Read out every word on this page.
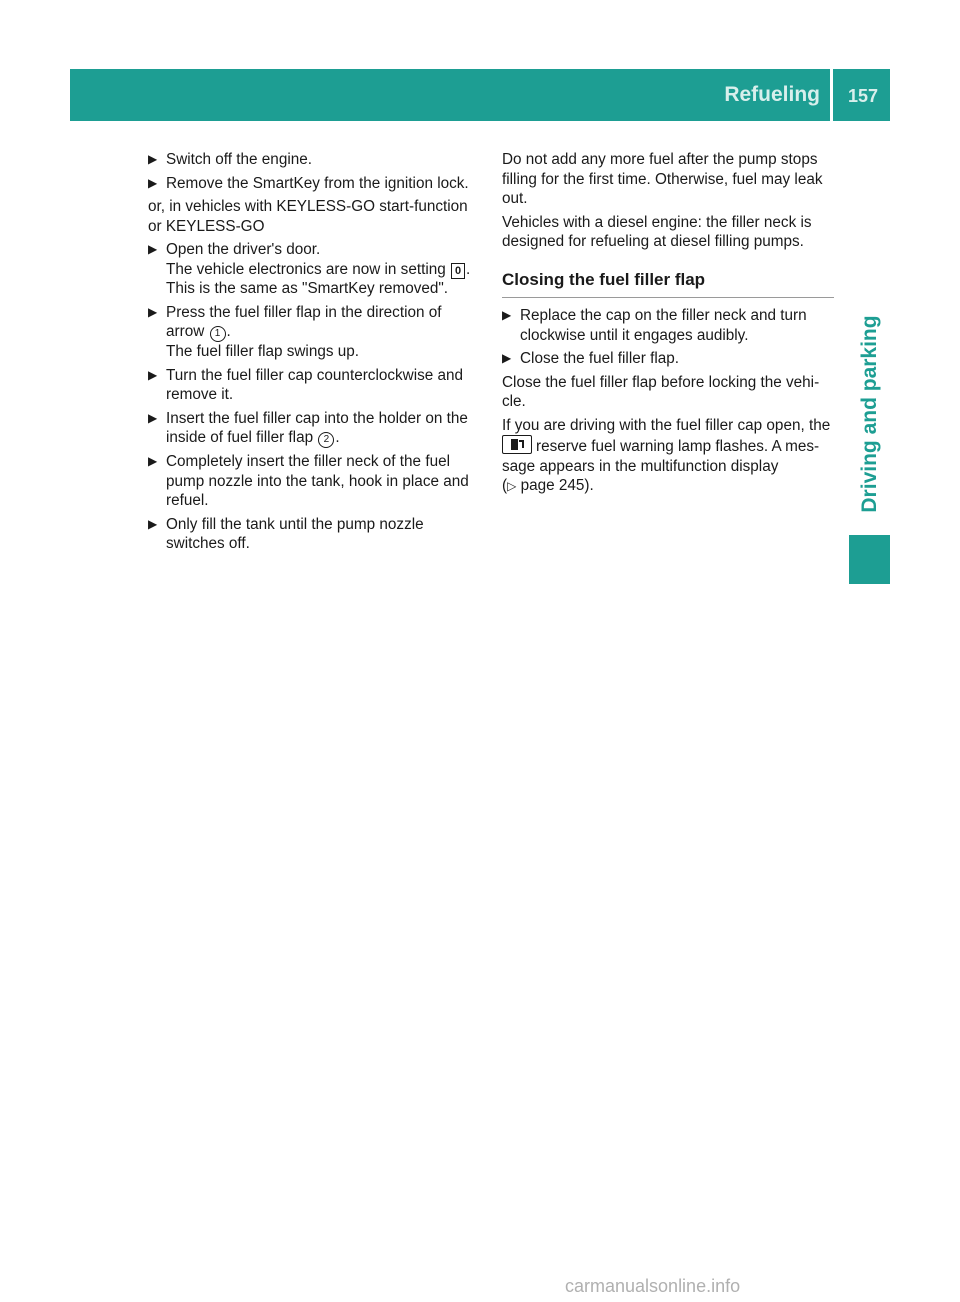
Refueling	157
Driving and parking
▶ Switch off the engine.
▶ Remove the SmartKey from the ignition lock.

or, in vehicles with KEYLESS-GO start-function or KEYLESS-GO

▶ Open the driver's door.
The vehicle electronics are now in setting 0 .
This is the same as "SmartKey removed".
▶ Press the fuel filler flap in the direction of arrow 1 .
The fuel filler flap swings up.
▶ Turn the fuel filler cap counterclockwise and remove it.
▶ Insert the fuel filler cap into the holder on the inside of fuel filler flap 2 .
▶ Completely insert the filler neck of the fuel pump nozzle into the tank, hook in place and refuel.
▶ Only fill the tank until the pump nozzle switches off.

Do not add any more fuel after the pump stops filling for the first time. Otherwise, fuel may leak out.

Vehicles with a diesel engine: the filler neck is designed for refueling at diesel filling pumps.

Closing the fuel filler flap
▶ Replace the cap on the filler neck and turn clockwise until it engages audibly.
▶ Close the fuel filler flap.

Close the fuel filler flap before locking the vehi-cle.

If you are driving with the fuel filler cap open, the
reserve fuel warning lamp flashes. A mes-sage appears in the multifunction display
(▷ page 245).

carmanualsonline.info
